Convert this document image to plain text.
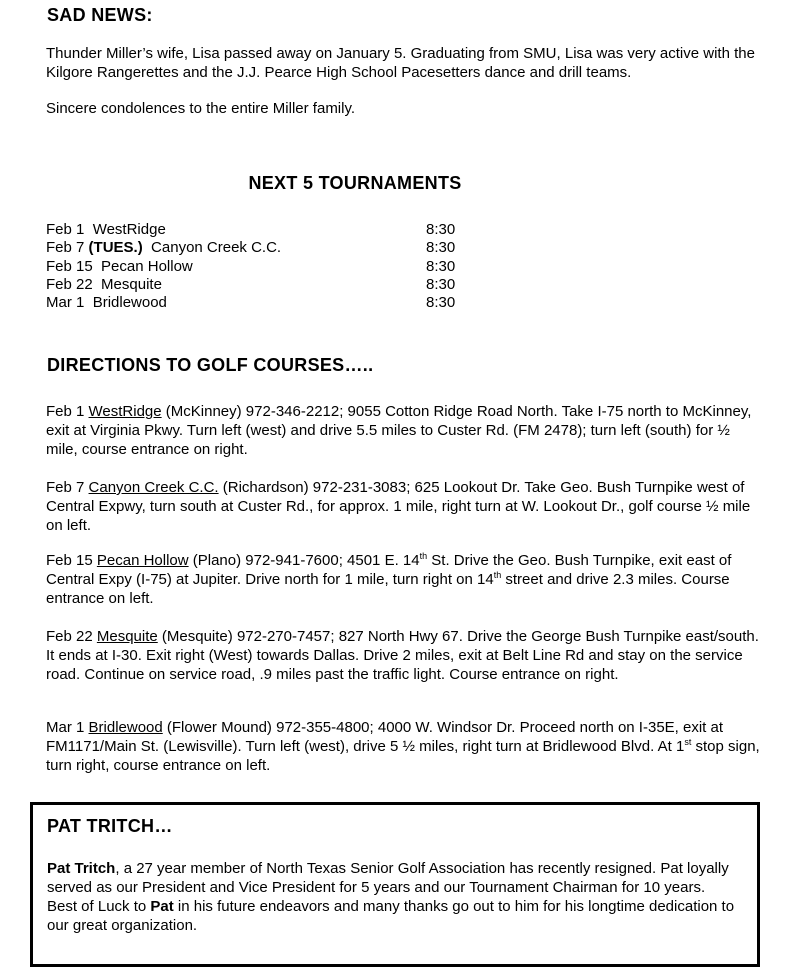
SAD NEWS:

Thunder Miller’s wife, Lisa passed away on January 5. Graduating from SMU, Lisa was very active with the Kilgore Rangerettes and the J.J. Pearce High School Pacesetters dance and drill teams.

Sincere condolences to the entire Miller family.

NEXT 5 TOURNAMENTS
Feb 1 WestRidge	8:30
Feb 7 (TUES.) Canyon Creek C.C.	8:30
Feb 15 Pecan Hollow	8:30
Feb 22 Mesquite	8:30
Mar 1 Bridlewood	8:30
DIRECTIONS TO GOLF COURSES…..

Feb 1 WestRidge (McKinney) 972-346-2212; 9055 Cotton Ridge Road North. Take I-75 north to McKinney, exit at Virginia Pkwy. Turn left (west) and drive 5.5 miles to Custer Rd. (FM 2478); turn left (south) for ½ mile, course entrance on right.

Feb 7 Canyon Creek C.C. (Richardson) 972-231-3083; 625 Lookout Dr. Take Geo. Bush Turnpike west of Central Expwy, turn south at Custer Rd., for approx. 1 mile, right turn at W. Lookout Dr., golf course ½ mile on left.

Feb 15 Pecan Hollow (Plano) 972-941-7600; 4501 E. 14th St. Drive the Geo. Bush Turnpike, exit east of Central Expy (I-75) at Jupiter. Drive north for 1 mile, turn right on 14th street and drive 2.3 miles. Course entrance on left.

Feb 22 Mesquite (Mesquite) 972-270-7457; 827 North Hwy 67. Drive the George Bush Turnpike east/south. It ends at I-30. Exit right (West) towards Dallas. Drive 2 miles, exit at Belt Line Rd and stay on the service road. Continue on service road, .9 miles past the traffic light. Course entrance on right.

Mar 1 Bridlewood (Flower Mound) 972-355-4800; 4000 W. Windsor Dr. Proceed north on I-35E, exit at FM1171/Main St. (Lewisville). Turn left (west), drive 5 ½ miles, right turn at Bridlewood Blvd. At 1st stop sign, turn right, course entrance on left.

PAT TRITCH…
Pat Tritch, a 27 year member of North Texas Senior Golf Association has recently resigned. Pat loyally served as our President and Vice President for 5 years and our Tournament Chairman for 10 years.
Best of Luck to Pat in his future endeavors and many thanks go out to him for his longtime dedication to our great organization.
